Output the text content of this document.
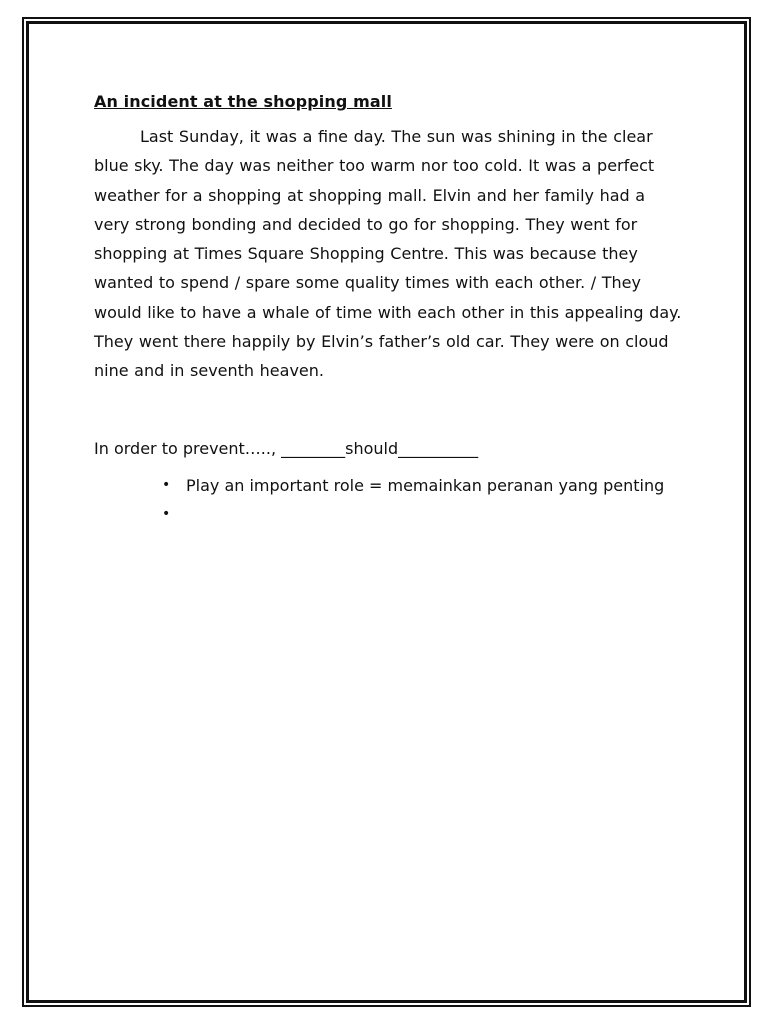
An incident at the shopping mall

Last Sunday, it was a fine day. The sun was shining in the clear blue sky. The day was neither too warm nor too cold. It was a perfect weather for a shopping at shopping mall. Elvin and her family had a very strong bonding and decided to go for shopping. They went for shopping at Times Square Shopping Centre. This was because they wanted to spend / spare some quality times with each other. / They would like to have a whale of time with each other in this appealing day. They went there happily by Elvin’s father’s old car. They were on cloud nine and in seventh heaven.

In order to prevent….., ________should__________

• Play an important role = memainkan peranan yang penting
•
